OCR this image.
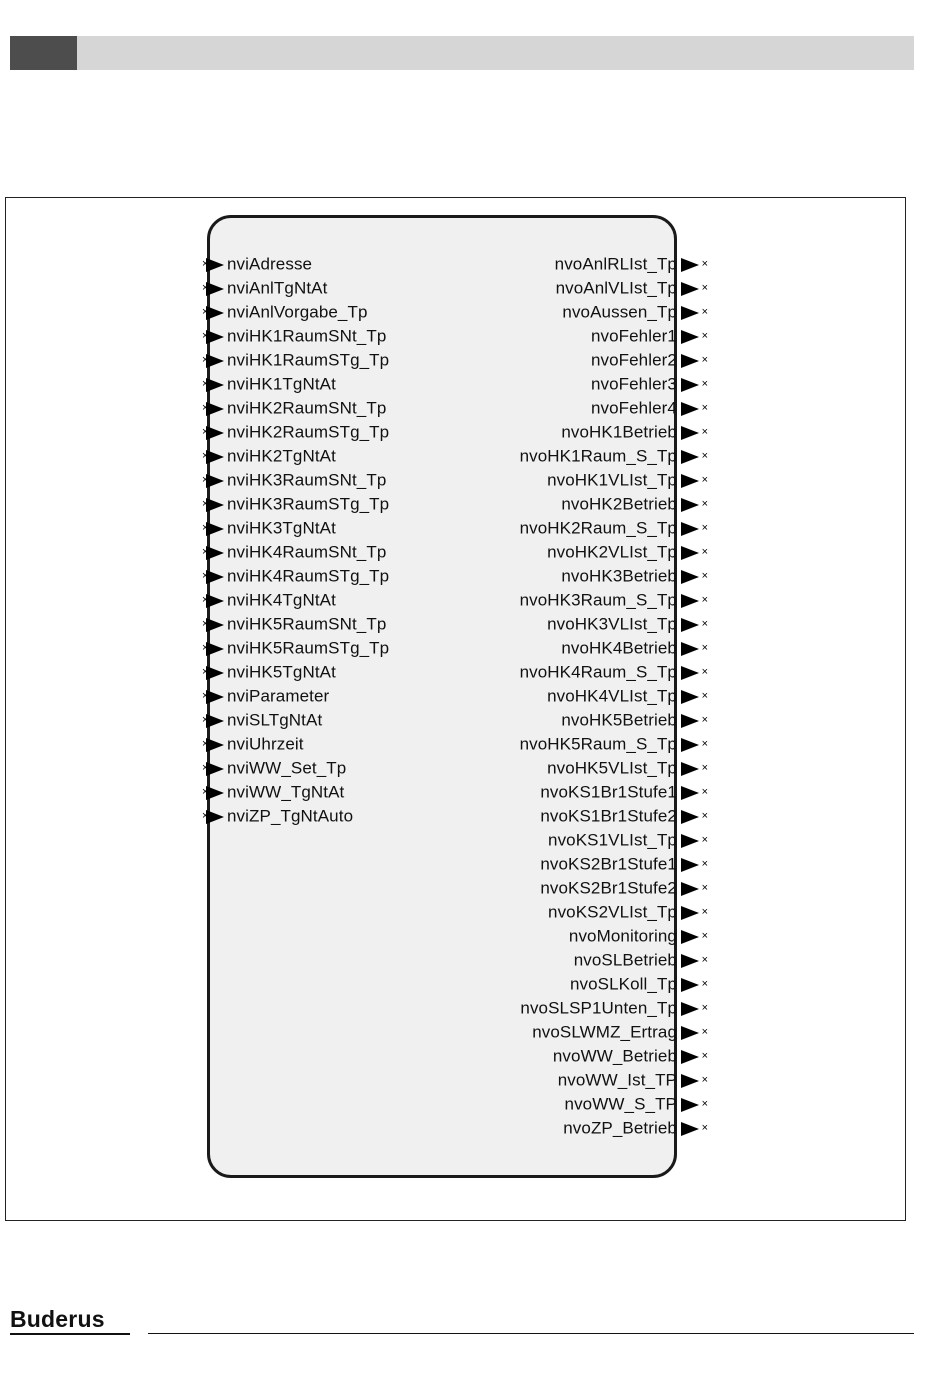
× nviAdresse
× nviAnlTgNtAt
× nviAnlVorgabe_Tp
× nviHK1RaumSNt_Tp
× nviHK1RaumSTg_Tp
× nviHK1TgNtAt
× nviHK2RaumSNt_Tp
× nviHK2RaumSTg_Tp
× nviHK2TgNtAt
× nviHK3RaumSNt_Tp
× nviHK3RaumSTg_Tp
× nviHK3TgNtAt
× nviHK4RaumSNt_Tp
× nviHK4RaumSTg_Tp
× nviHK4TgNtAt
× nviHK5RaumSNt_Tp
× nviHK5RaumSTg_Tp
× nviHK5TgNtAt
× nviParameter
× nviSLTgNtAt
× nviUhrzeit
× nviWW_Set_Tp
× nviWW_TgNtAt
× nviZP_TgNtAuto
nvoAnlRLIst_Tp ×
nvoAnlVLIst_Tp ×
nvoAussen_Tp ×
nvoFehler1 ×
nvoFehler2 ×
nvoFehler3 ×
nvoFehler4 ×
nvoHK1Betrieb ×
nvoHK1Raum_S_Tp ×
nvoHK1VLIst_Tp ×
nvoHK2Betrieb ×
nvoHK2Raum_S_Tp ×
nvoHK2VLIst_Tp ×
nvoHK3Betrieb ×
nvoHK3Raum_S_Tp ×
nvoHK3VLIst_Tp ×
nvoHK4Betrieb ×
nvoHK4Raum_S_Tp ×
nvoHK4VLIst_Tp ×
nvoHK5Betrieb ×
nvoHK5Raum_S_Tp ×
nvoHK5VLIst_Tp ×
nvoKS1Br1Stufe1 ×
nvoKS1Br1Stufe2 ×
nvoKS1VLIst_Tp ×
nvoKS2Br1Stufe1 ×
nvoKS2Br1Stufe2 ×
nvoKS2VLIst_Tp ×
nvoMonitoring ×
nvoSLBetrieb ×
nvoSLKoll_Tp ×
nvoSLSP1Unten_Tp ×
nvoSLWMZ_Ertrag ×
nvoWW_Betrieb ×
nvoWW_Ist_TP ×
nvoWW_S_TP ×
nvoZP_Betrieb ×
Buderus
